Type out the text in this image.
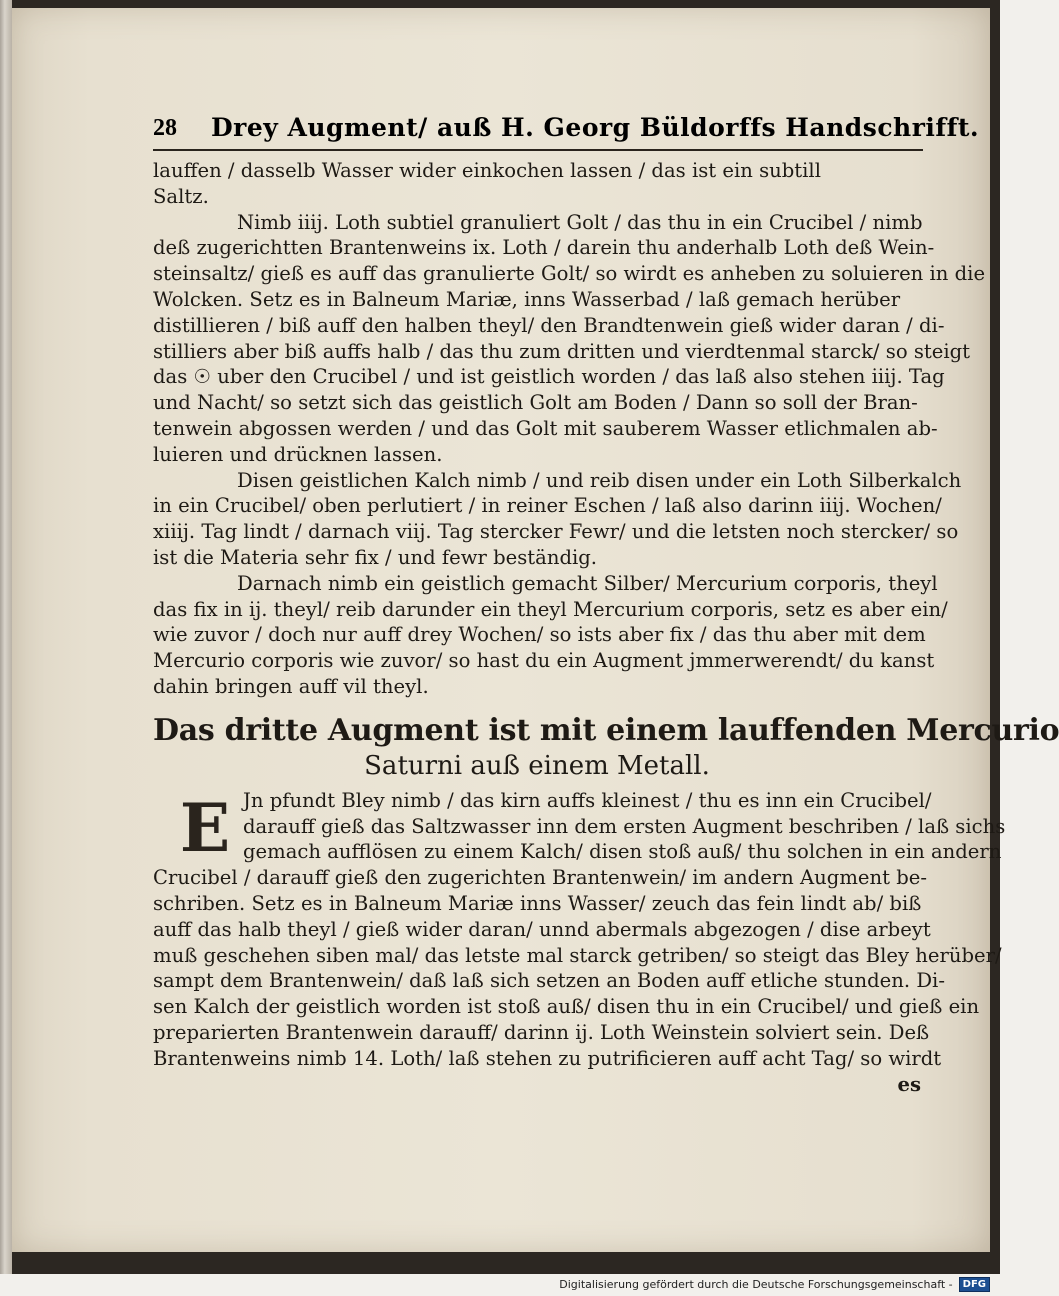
28 Drey Augment/ auß H. Georg Büldorffs Handschrifft.
lauffen / dasselb Wasser wider einkochen lassen / das ist ein subtill
Saltz.
Nimb iiij. Loth subtiel granuliert Golt / das thu in ein Crucibel / nimb
deß zugerichtten Brantenweins ix. Loth / darein thu anderhalb Loth deß Wein-
steinsaltz/ gieß es auff das granulierte Golt/ so wirdt es anheben zu soluieren in die
Wolcken. Setz es in Balneum Mariæ, inns Wasserbad / laß gemach herüber
distillieren / biß auff den halben theyl/ den Brandtenwein gieß wider daran / di-
stilliers aber biß auffs halb / das thu zum dritten und vierdtenmal starck/ so steigt
das ☉ uber den Crucibel / und ist geistlich worden / das laß also stehen iiij. Tag
und Nacht/ so setzt sich das geistlich Golt am Boden / Dann so soll der Bran-
tenwein abgossen werden / und das Golt mit sauberem Wasser etlichmalen ab-
luieren und drücknen lassen.
Disen geistlichen Kalch nimb / und reib disen under ein Loth Silberkalch
in ein Crucibel/ oben perlutiert / in reiner Eschen / laß also darinn iiij. Wochen/
xiiij. Tag lindt / darnach viij. Tag stercker Fewr/ und die letsten noch stercker/ so
ist die Materia sehr fix / und fewr beständig.
Darnach nimb ein geistlich gemacht Silber/ Mercurium corporis, theyl
das fix in ij. theyl/ reib darunder ein theyl Mercurium corporis, setz es aber ein/
wie zuvor / doch nur auff drey Wochen/ so ists aber fix / das thu aber mit dem
Mercurio corporis wie zuvor/ so hast du ein Augment jmmerwerendt/ du kanst
dahin bringen auff vil theyl.
Das dritte Augment ist mit einem lauffenden Mercurio
Saturni auß einem Metall.
E Jn pfundt Bley nimb / das kirn auffs kleinest / thu es inn ein Crucibel/
darauff gieß das Saltzwasser inn dem ersten Augment beschriben / laß sichs
gemach aufflösen zu einem Kalch/ disen stoß auß/ thu solchen in ein andern
Crucibel / darauff gieß den zugerichten Brantenwein/ im andern Augment be-
schriben. Setz es in Balneum Mariæ inns Wasser/ zeuch das fein lindt ab/ biß
auff das halb theyl / gieß wider daran/ unnd abermals abgezogen / dise arbeyt
muß geschehen siben mal/ das letste mal starck getriben/ so steigt das Bley herüber/
sampt dem Brantenwein/ daß laß sich setzen an Boden auff etliche stunden. Di-
sen Kalch der geistlich worden ist stoß auß/ disen thu in ein Crucibel/ und gieß ein
preparierten Brantenwein darauff/ darinn ij. Loth Weinstein solviert sein. Deß
Brantenweins nimb 14. Loth/ laß stehen zu putrificieren auff acht Tag/ so wirdt
es
Digitalisierung gefördert durch die Deutsche Forschungsgemeinschaft -	DFG
